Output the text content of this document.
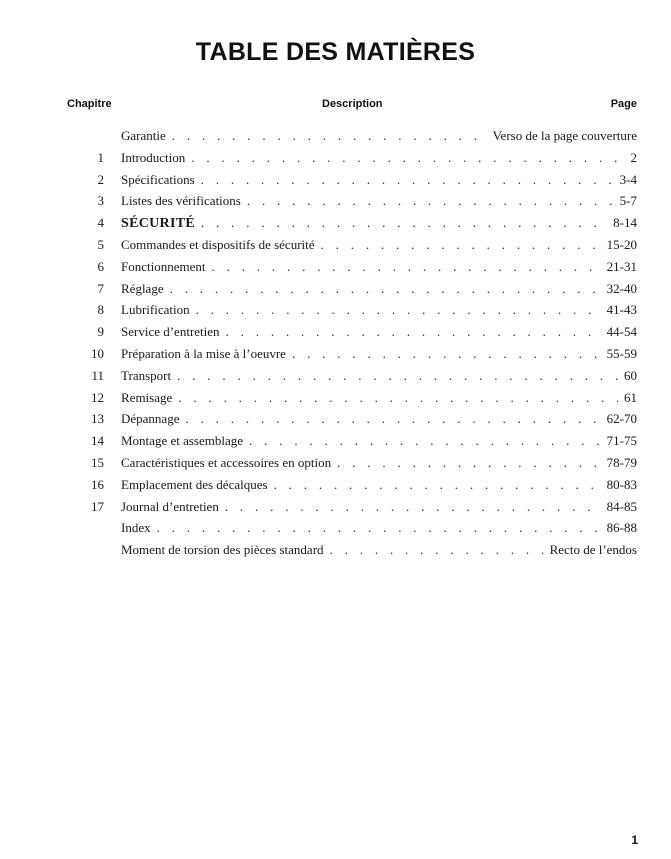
TABLE DES MATIÈRES
Chapitre	Description	Page
Garantie . . .	Verso de la page couverture
1 Introduction . . .	2
2 Spécifications . . .	3-4
3 Listes des vérifications . . .	5-7
4 SÉCURITÉ . . .	8-14
5 Commandes et dispositifs de sécurité . . .	15-20
6 Fonctionnement . . .	21-31
7 Réglage . . .	32-40
8 Lubrification . . .	41-43
9 Service d’entretien . . .	44-54
10 Préparation à la mise à l’oeuvre . . .	55-59
11 Transport . . .	60
12 Remisage . . .	61
13 Dépannage . . .	62-70
14 Montage et assemblage . . .	71-75
15 Caractéristiques et accessoires en option . . .	78-79
16 Emplacement des décalques . . .	80-83
17 Journal d’entretien . . .	84-85
Index . . .	86-88
Moment de torsion des pièces standard . . .	Recto de l’endos
1
